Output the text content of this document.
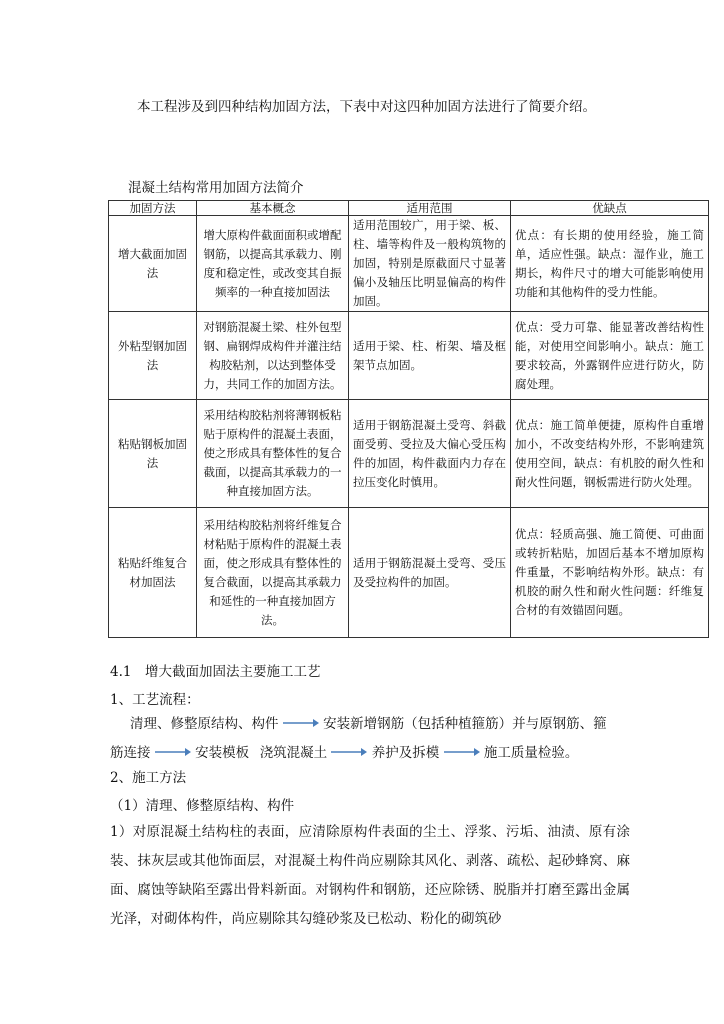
本工程涉及到四种结构加固方法，下表中对这四种加固方法进行了简要介绍。

混凝土结构常用加固方法简介

加固方法	基本概念	适用范围	优缺点
增大截面加固法	增大原构件截面面积或增配钢筋，以提高其承载力、刚度和稳定性，或改变其自振频率的一种直接加固法	适用范围较广，用于梁、板、柱、墙等构件及一般构筑物的加固，特别是原截面尺寸显著偏小及轴压比明显偏高的构件加固。	优点：有长期的使用经验，施工简单，适应性强。缺点：湿作业，施工期长，构件尺寸的增大可能影响使用功能和其他构件的受力性能。
外粘型钢加固法	对钢筋混凝土梁、柱外包型钢、扁钢焊成构件并灌注结构胶粘剂，以达到整体受力，共同工作的加固方法。	适用于梁、柱、桁架、墙及框架节点加固。	优点：受力可靠、能显著改善结构性能，对使用空间影响小。缺点：施工要求较高，外露钢件应进行防火，防腐处理。
粘贴钢板加固法	采用结构胶粘剂将薄钢板粘贴于原构件的混凝土表面，使之形成具有整体性的复合截面，以提高其承载力的一种直接加固方法。	适用于钢筋混凝土受弯、斜截面受剪、受拉及大偏心受压构件的加固，构件截面内力存在拉压变化时慎用。	优点：施工简单便捷，原构件自重增加小，不改变结构外形，不影响建筑使用空间，缺点：有机胶的耐久性和耐火性问题，钢板需进行防火处理。
粘贴纤维复合材加固法	采用结构胶粘剂将纤维复合材粘贴于原构件的混凝土表面，使之形成具有整体性的复合截面，以提高其承载力和延性的一种直接加固方法。	适用于钢筋混凝土受弯、受压及受拉构件的加固。	优点：轻质高强、施工简便、可曲面或转折粘贴，加固后基本不增加原构件重量，不影响结构外形。缺点：有机胶的耐久性和耐火性问题：纤维复合材的有效锚固问题。

4.1　增大截面加固法主要施工工艺

1、工艺流程：

清理、修整原结构、构件	安装新增钢筋（包括种植箍筋）并与原钢筋、箍
筋连接	安装模板 浇筑混凝土	养护及拆模	施工质量检验。

2、施工方法

（1）清理、修整原结构、构件

1）对原混凝土结构柱的表面，应清除原构件表面的尘土、浮浆、污垢、油渍、原有涂装、抹灰层或其他饰面层，对混凝土构件尚应剔除其风化、剥落、疏松、起砂蜂窝、麻面、腐蚀等缺陷至露出骨料新面。对钢构件和钢筋，还应除锈、脱脂并打磨至露出金属光泽，对砌体构件，尚应剔除其勾缝砂浆及已松动、粉化的砌筑砂
